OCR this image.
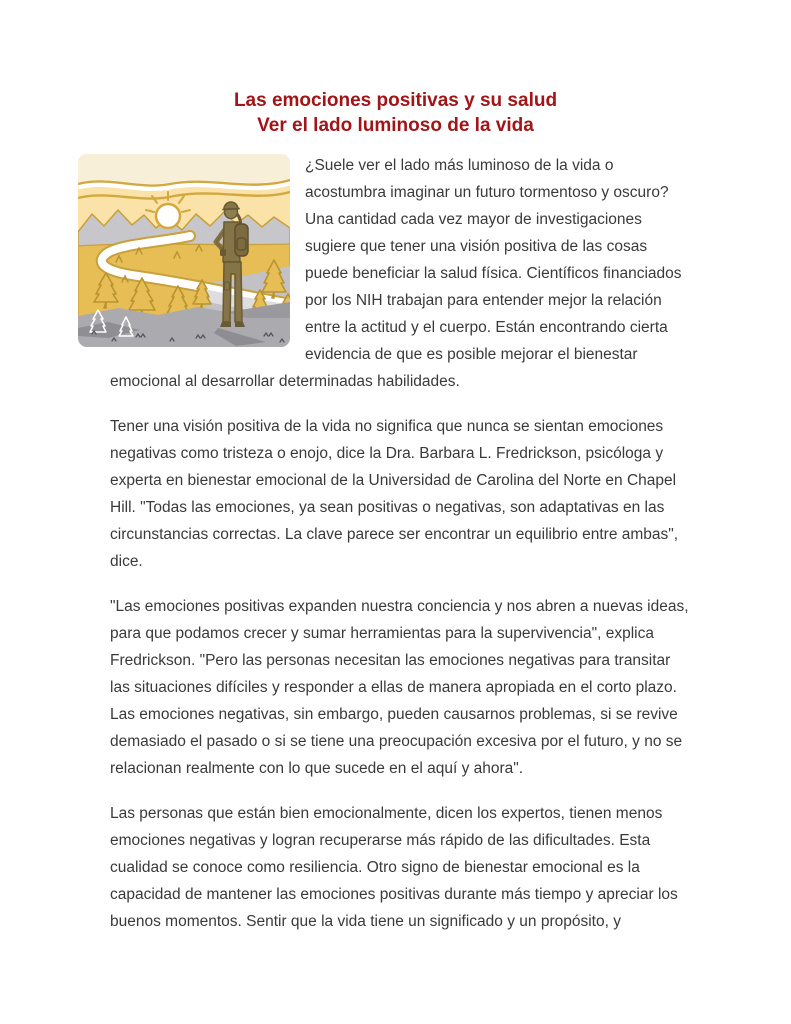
Las emociones positivas y su salud
Ver el lado luminoso de la vida
¿Suele ver el lado más luminoso de la vida o acostumbra imaginar un futuro tormentoso y oscuro? Una cantidad cada vez mayor de investigaciones sugiere que tener una visión positiva de las cosas puede beneficiar la salud física. Científicos financiados por los NIH trabajan para entender mejor la relación entre la actitud y el cuerpo. Están encontrando cierta evidencia de que es posible mejorar el bienestar emocional al desarrollar determinadas habilidades.

Tener una visión positiva de la vida no significa que nunca se sientan emociones negativas como tristeza o enojo, dice la Dra. Barbara L. Fredrickson, psicóloga y experta en bienestar emocional de la Universidad de Carolina del Norte en Chapel Hill. "Todas las emociones, ya sean positivas o negativas, son adaptativas en las circunstancias correctas. La clave parece ser encontrar un equilibrio entre ambas", dice.

"Las emociones positivas expanden nuestra conciencia y nos abren a nuevas ideas, para que podamos crecer y sumar herramientas para la supervivencia", explica Fredrickson. "Pero las personas necesitan las emociones negativas para transitar las situaciones difíciles y responder a ellas de manera apropiada en el corto plazo. Las emociones negativas, sin embargo, pueden causarnos problemas, si se revive demasiado el pasado o si se tiene una preocupación excesiva por el futuro, y no se relacionan realmente con lo que sucede en el aquí y ahora".

Las personas que están bien emocionalmente, dicen los expertos, tienen menos emociones negativas y logran recuperarse más rápido de las dificultades. Esta cualidad se conoce como resiliencia. Otro signo de bienestar emocional es la capacidad de mantener las emociones positivas durante más tiempo y apreciar los buenos momentos. Sentir que la vida tiene un significado y un propósito, y
